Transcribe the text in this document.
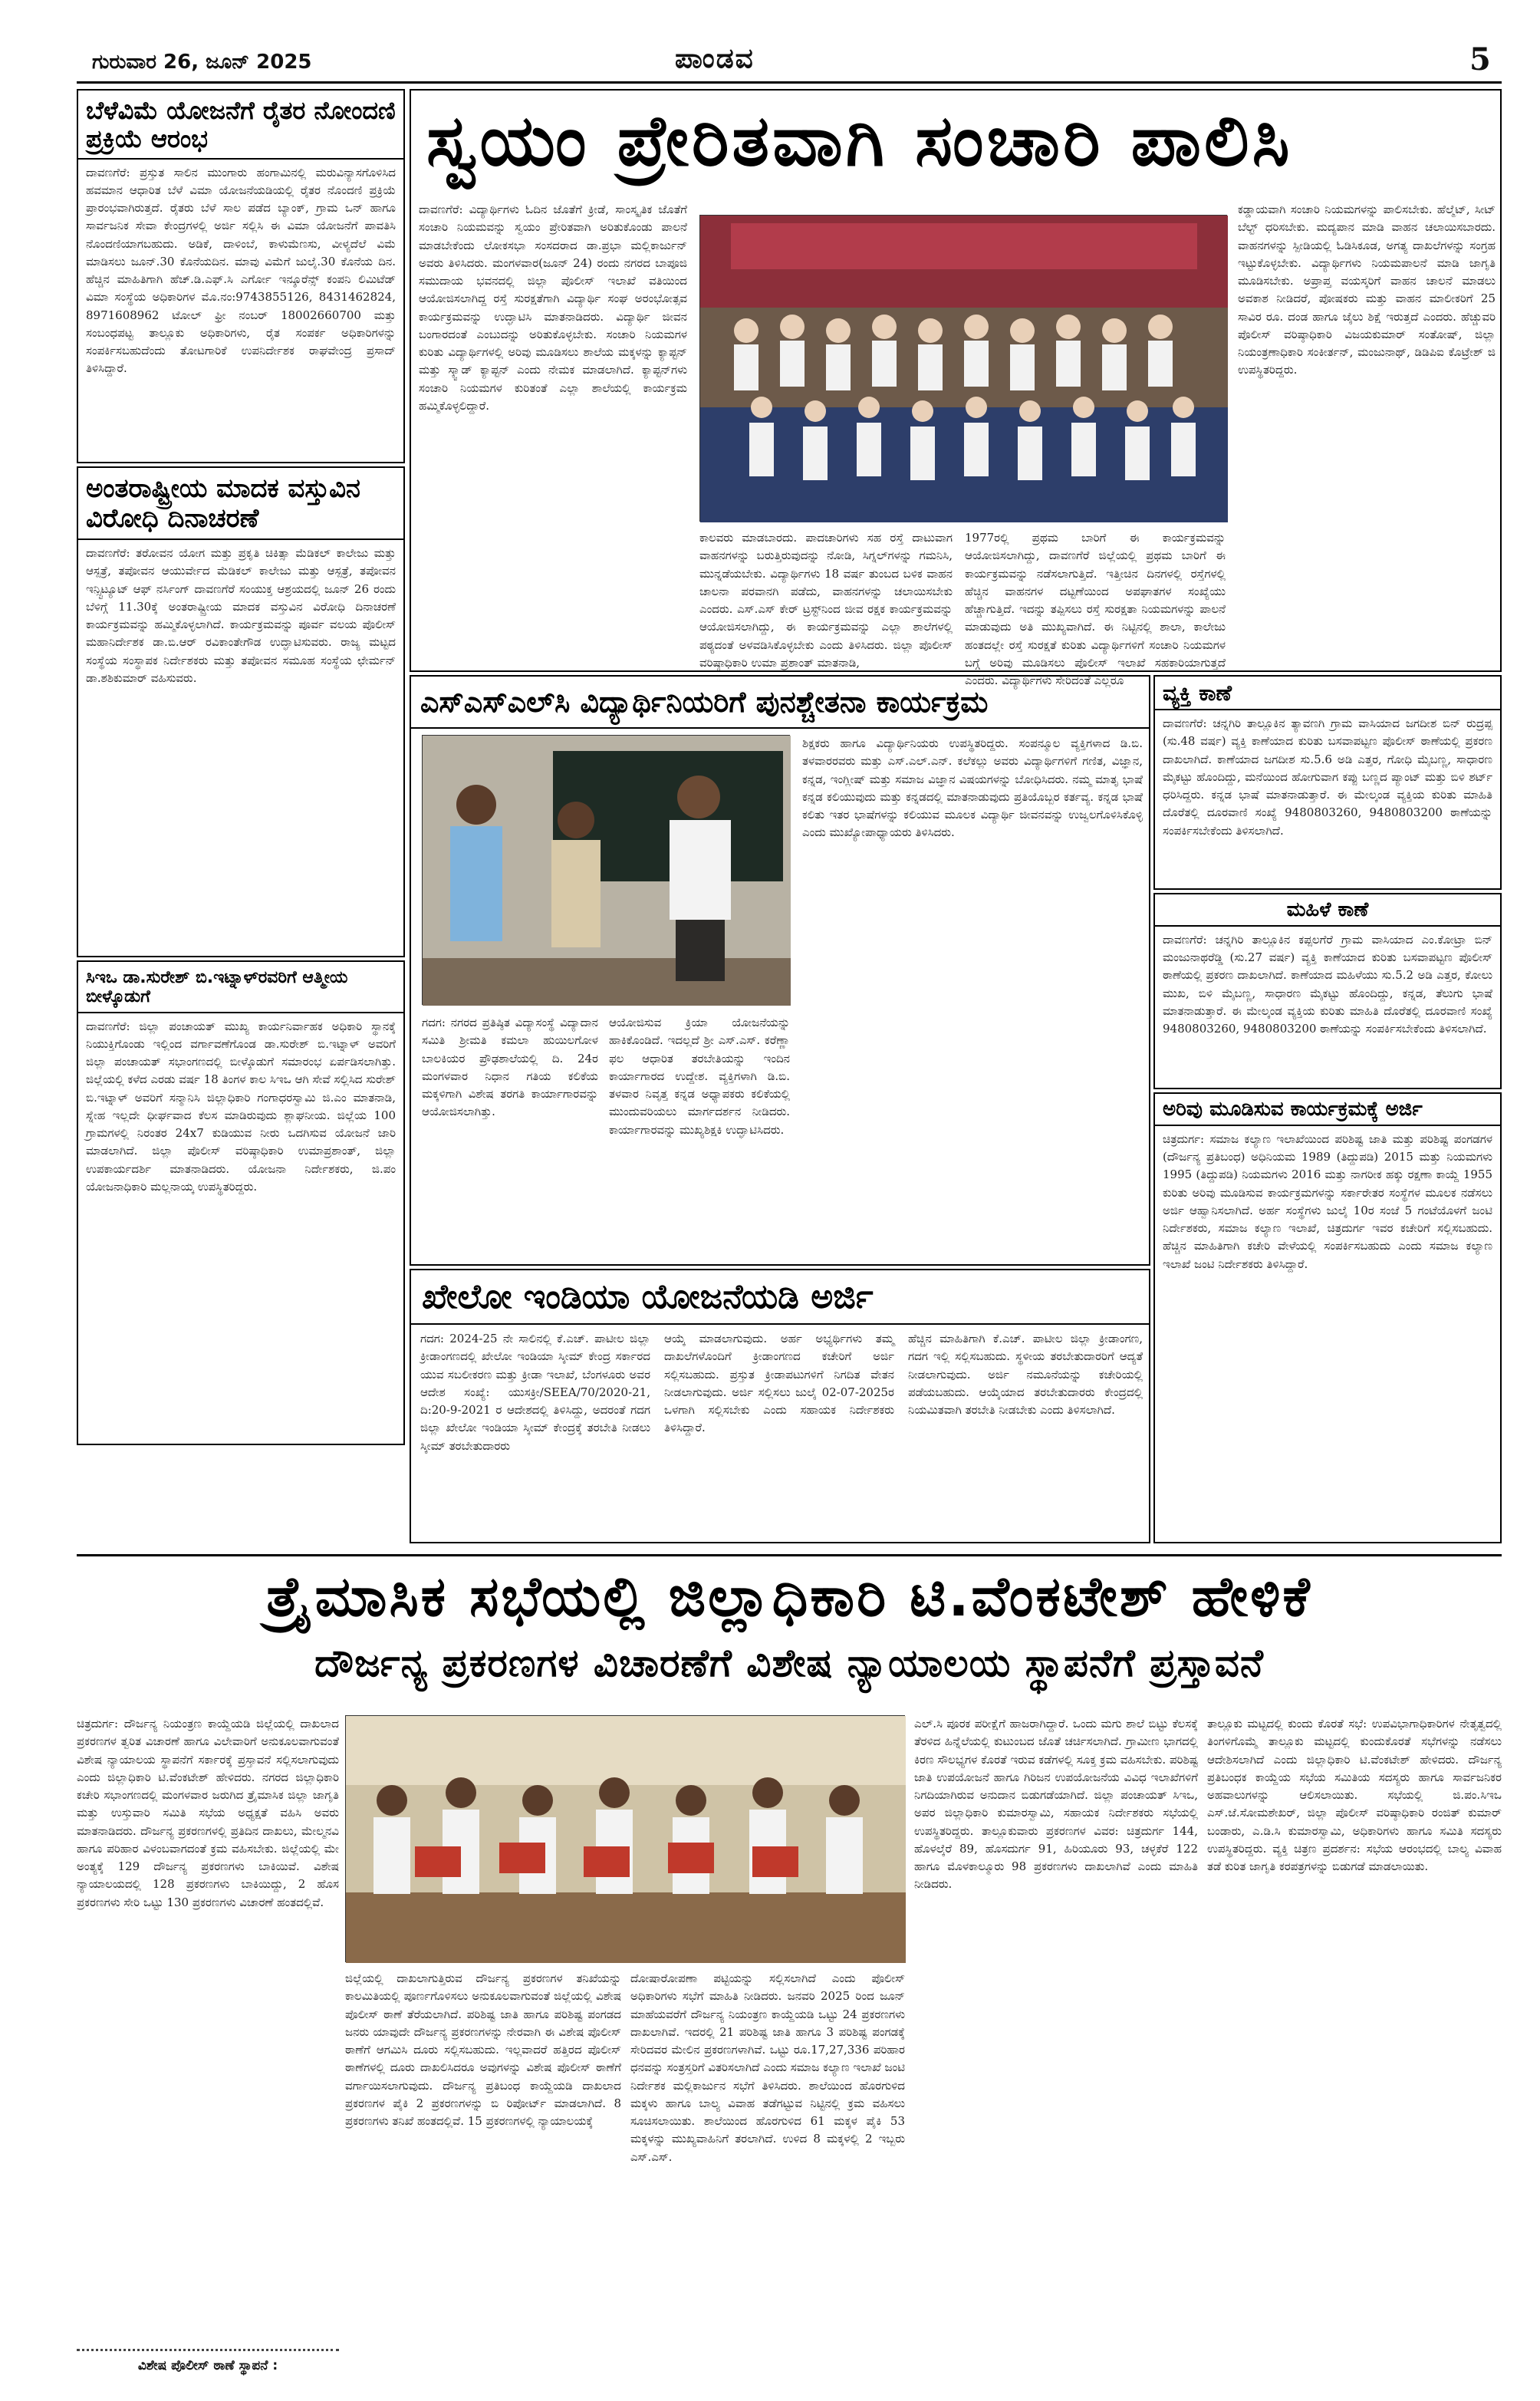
ಗುರುವಾರ 26, ಜೂನ್ 2025	ಪಾಂಡವ	5
ಬೆಳೆವಿಮೆ ಯೋಜನೆಗೆ ರೈತರ ನೋಂದಣಿ ಪ್ರಕ್ರಿಯೆ ಆರಂಭ
ದಾವಣಗೆರೆ: ಪ್ರಸ್ತುತ ಸಾಲಿನ ಮುಂಗಾರು ಹಂಗಾಮಿನಲ್ಲಿ ಮರುವಿನ್ಯಾಸಗೊಳಿಸಿದ ಹವಮಾನ ಆಧಾರಿತ ಬೆಳೆ ವಿಮಾ ಯೋಜನೆಯಡಿಯಲ್ಲಿ ರೈತರ ನೊಂದಣಿ ಪ್ರಕ್ರಿಯೆ ಪ್ರಾರಂಭವಾಗಿರುತ್ತದೆ. ರೈತರು ಬೆಳೆ ಸಾಲ ಪಡೆದ ಬ್ಯಾಂಕ್, ಗ್ರಾಮ ಒನ್ ಹಾಗೂ ಸಾರ್ವಜನಿಕ ಸೇವಾ ಕೇಂದ್ರಗಳಲ್ಲಿ ಅರ್ಜಿ ಸಲ್ಲಿಸಿ ಈ ವಿಮಾ ಯೋಜನೆಗೆ ಪಾವತಿಸಿ ನೊಂದಣಿಯಾಗಬಹುದು. ಅಡಿಕೆ, ದಾಳಿಂಬೆ, ಕಾಳುಮೆಣಸು, ವೀಳ್ಯದೆಲೆ ವಿಮೆ ಮಾಡಿಸಲು ಜೂನ್.30 ಕೊನೆಯದಿನ. ಮಾವು ವಿಮೆಗೆ ಜುಲೈ.30 ಕೊನೆಯ ದಿನ. ಹೆಚ್ಚಿನ ಮಾಹಿತಿಗಾಗಿ ಹೆಚ್.ಡಿ.ಎಫ್.ಸಿ ಎರ್ಗೋ ಇನ್ಶೂರೆನ್ಸ್ ಕಂಪನಿ ಲಿಮಿಟೆಡ್ ವಿಮಾ ಸಂಸ್ಥೆಯ ಅಧಿಕಾರಿಗಳ ಮೊ.ನಂ:9743855126, 8431462824, 8971608962 ಟೋಲ್ ಫ್ರೀ ನಂಬರ್ 18002660700 ಮತ್ತು ಸಂಬಂಧಪಟ್ಟ ತಾಲ್ಲೂಕು ಅಧಿಕಾರಿಗಳು, ರೈತ ಸಂಪರ್ಕ ಅಧಿಕಾರಿಗಳನ್ನು ಸಂಪರ್ಕಿಸಬಹುದೆಂದು ತೋಟಗಾರಿಕೆ ಉಪನಿರ್ದೇಶಕ ರಾಘವೇಂದ್ರ ಪ್ರಸಾದ್ ತಿಳಿಸಿದ್ದಾರೆ.
ಅಂತರಾಷ್ಟ್ರೀಯ ಮಾದಕ ವಸ್ತುವಿನ ವಿರೋಧಿ ದಿನಾಚರಣೆ
ದಾವಣಗೆರೆ: ತರೋವನ ಯೋಗ ಮತ್ತು ಪ್ರಕೃತಿ ಚಿಕಿತ್ಸಾ ಮೆಡಿಕಲ್ ಕಾಲೇಜು ಮತ್ತು ಆಸ್ಪತ್ರೆ, ತಪೋವನ ಆಯುರ್ವೇದ ಮೆಡಿಕಲ್ ಕಾಲೇಜು ಮತ್ತು ಆಸ್ಪತ್ರೆ, ತಪೋವನ ಇನ್ಸ್ಟಿಟ್ಯೂಟ್ ಆಫ್ ನರ್ಸಿಂಗ್ ದಾವಣಗೆರೆ ಸಂಯುಕ್ತ ಆಶ್ರಯದಲ್ಲಿ ಜೂನ್ 26 ರಂದು ಬೆಳಿಗ್ಗೆ 11.30ಕ್ಕೆ ಅಂತರಾಷ್ಟ್ರೀಯ ಮಾದಕ ವಸ್ತುವಿನ ವಿರೋಧಿ ದಿನಾಚರಣೆ ಕಾರ್ಯಕ್ರಮವನ್ನು ಹಮ್ಮಿಕೊಳ್ಳಲಾಗಿದೆ. ಕಾರ್ಯಕ್ರಮವನ್ನು ಪೂರ್ವ ವಲಯ ಪೊಲೀಸ್ ಮಹಾನಿರ್ದೇಶಕ ಡಾ.ಬಿ.ಆರ್ ರವಿಕಾಂತೇಗೌಡ ಉದ್ಘಾಟಿಸುವರು. ರಾಜ್ಯ ಮಟ್ಟದ ಸಂಸ್ಥೆಯ ಸಂಸ್ಥಾಪಕ ನಿರ್ದೇಶಕರು ಮತ್ತು ತಪೋವನ ಸಮೂಹ ಸಂಸ್ಥೆಯ ಛೇರ್ಮನ್ ಡಾ.ಶಶಿಕುಮಾರ್ ವಹಿಸುವರು.
ಸಿಇಒ ಡಾ.ಸುರೇಶ್ ಬಿ.ಇಟ್ನಾಳ್‌ರವರಿಗೆ ಆತ್ಮೀಯ ಬೀಳ್ಕೊಡುಗೆ
ದಾವಣಗೆರೆ: ಜಿಲ್ಲಾ ಪಂಚಾಯತ್ ಮುಖ್ಯ ಕಾರ್ಯನಿರ್ವಾಹಕ ಅಧಿಕಾರಿ ಸ್ಥಾನಕ್ಕೆ ನಿಯುಕ್ತಿಗೊಂಡು ಇಲ್ಲಿಂದ ವರ್ಗಾವಣೆಗೊಂಡ ಡಾ.ಸುರೇಶ್ ಬಿ.ಇಟ್ನಾಳ್ ಅವರಿಗೆ ಜಿಲ್ಲಾ ಪಂಚಾಯತ್ ಸಭಾಂಗಣದಲ್ಲಿ ಬೀಳ್ಕೊಡುಗೆ ಸಮಾರಂಭ ಏರ್ಪಡಿಸಲಾಗಿತ್ತು. ಜಿಲ್ಲೆಯಲ್ಲಿ ಕಳೆದ ಎರಡು ವರ್ಷ 18 ತಿಂಗಳ ಕಾಲ ಸಿಇಒ ಆಗಿ ಸೇವೆ ಸಲ್ಲಿಸಿದ ಸುರೇಶ್ ಬಿ.ಇಟ್ನಾಳ್ ಅವರಿಗೆ ಸನ್ಮಾನಿಸಿ ಜಿಲ್ಲಾಧಿಕಾರಿ ಗಂಗಾಧರಸ್ವಾಮಿ ಜಿ.ಎಂ ಮಾತನಾಡಿ, ಸ್ನೇಹ ಇಲ್ಲದೇ ಧೀರ್ಘವಾದ ಕೆಲಸ ಮಾಡಿರುವುದು ಶ್ಲಾಘನೀಯ. ಜಿಲ್ಲೆಯ 100 ಗ್ರಾಮಗಳಲ್ಲಿ ನಿರಂತರ 24x7 ಕುಡಿಯುವ ನೀರು ಒದಗಿಸುವ ಯೋಜನೆ ಜಾರಿ ಮಾಡಲಾಗಿದೆ. ಜಿಲ್ಲಾ ಪೊಲೀಸ್ ವರಿಷ್ಠಾಧಿಕಾರಿ ಉಮಾಪ್ರಶಾಂತ್, ಜಿಲ್ಲಾ ಉಪಕಾರ್ಯದರ್ಶಿ ಮಾತನಾಡಿದರು. ಯೋಜನಾ ನಿರ್ದೇಶಕರು, ಜಿ.ಪಂ ಯೋಜನಾಧಿಕಾರಿ ಮಲ್ಲನಾಯ್ಕ ಉಪಸ್ಥಿತರಿದ್ದರು.
ಸ್ವಯಂ ಪ್ರೇರಿತವಾಗಿ ಸಂಚಾರಿ ಪಾಲಿಸಿ
ದಾವಣಗೆರೆ: ವಿದ್ಯಾರ್ಥಿಗಳು ಓದಿನ ಜೊತೆಗೆ ಕ್ರೀಡೆ, ಸಾಂಸ್ಕೃತಿಕ ಜೊತೆಗೆ ಸಂಚಾರಿ ನಿಯಮವನ್ನು ಸ್ವಯಂ ಪ್ರೇರಿತವಾಗಿ ಅರಿತುಕೊಂಡು ಪಾಲನೆ ಮಾಡಬೇಕೆಂದು ಲೋಕಸಭಾ ಸಂಸದರಾದ ಡಾ.ಪ್ರಭಾ ಮಲ್ಲಿಕಾರ್ಜುನ್ ಅವರು ತಿಳಿಸಿದರು. ಮಂಗಳವಾರ(ಜೂನ್ 24) ರಂದು ನಗರದ ಬಾಪೂಜಿ ಸಮುದಾಯ ಭವನದಲ್ಲಿ ಜಿಲ್ಲಾ ಪೊಲೀಸ್ ಇಲಾಖೆ ವತಿಯಿಂದ ಆಯೋಜಿಸಲಾಗಿದ್ದ ರಸ್ತೆ ಸುರಕ್ಷತೆಗಾಗಿ ವಿದ್ಯಾರ್ಥಿ ಸಂಘ ಅರಂಭೋತ್ಸವ ಕಾರ್ಯಕ್ರಮವನ್ನು ಉದ್ಘಾಟಿಸಿ ಮಾತನಾಡಿದರು. ವಿದ್ಯಾರ್ಥಿ ಜೀವನ ಬಂಗಾರದಂತೆ ಎಂಬುದನ್ನು ಅರಿತುಕೊಳ್ಳಬೇಕು. ಸಂಚಾರಿ ನಿಯಮಗಳ ಕುರಿತು ವಿದ್ಯಾರ್ಥಿಗಳಲ್ಲಿ ಅರಿವು ಮೂಡಿಸಲು ಶಾಲೆಯ ಮಕ್ಕಳನ್ನು ಕ್ಯಾಪ್ಟನ್ ಮತ್ತು ಸ್ಕ್ವಾಡ್ ಕ್ಯಾಪ್ಟನ್ ಎಂದು ನೇಮಕ ಮಾಡಲಾಗಿದೆ. ಕ್ಯಾಪ್ಟನ್‌ಗಳು ಸಂಚಾರಿ ನಿಯಮಗಳ ಕುರಿತಂತೆ ಎಲ್ಲಾ ಶಾಲೆಯಲ್ಲಿ ಕಾರ್ಯಕ್ರಮ ಹಮ್ಮಿಕೊಳ್ಳಲಿದ್ದಾರೆ.
ಕಾಲವರು ಮಾಡಬಾರದು. ಪಾದಚಾರಿಗಳು ಸಹ ರಸ್ತೆ ದಾಟುವಾಗ ವಾಹನಗಳನ್ನು ಬರುತ್ತಿರುವುದನ್ನು ನೋಡಿ, ಸಿಗ್ನಲ್‌ಗಳನ್ನು ಗಮನಿಸಿ, ಮುನ್ನಡೆಯಬೇಕು. ವಿದ್ಯಾರ್ಥಿಗಳು 18 ವರ್ಷ ತುಂಬದ ಬಳಿಕ ವಾಹನ ಚಾಲನಾ ಪರವಾನಗಿ ಪಡೆದು, ವಾಹನಗಳನ್ನು ಚಲಾಯಿಸಬೇಕು ಎಂದರು. ಎಸ್.ಎಸ್ ಕೇರ್ ಟ್ರಸ್ಟ್‌ನಿಂದ ಜೀವ ರಕ್ಷಕ ಕಾರ್ಯಕ್ರಮವನ್ನು ಆಯೋಜಿಸಲಾಗಿದ್ದು, ಈ ಕಾರ್ಯಕ್ರಮವನ್ನು ಎಲ್ಲಾ ಶಾಲೆಗಳಲ್ಲಿ ಪಠ್ಯದಂತೆ ಅಳವಡಿಸಿಕೊಳ್ಳಬೇಕು ಎಂದು ತಿಳಿಸಿದರು. ಜಿಲ್ಲಾ ಪೊಲೀಸ್ ವರಿಷ್ಠಾಧಿಕಾರಿ ಉಮಾ ಪ್ರಶಾಂತ್ ಮಾತನಾಡಿ,
1977ರಲ್ಲಿ ಪ್ರಥಮ ಬಾರಿಗೆ ಈ ಕಾರ್ಯಕ್ರಮವನ್ನು ಆಯೋಜಿಸಲಾಗಿದ್ದು, ದಾವಣಗೆರೆ ಜಿಲ್ಲೆಯಲ್ಲಿ ಪ್ರಥಮ ಬಾರಿಗೆ ಈ ಕಾರ್ಯಕ್ರಮವನ್ನು ನಡೆಸಲಾಗುತ್ತಿದೆ. ಇತ್ತೀಚಿನ ದಿನಗಳಲ್ಲಿ ರಸ್ತೆಗಳಲ್ಲಿ ಹೆಚ್ಚಿನ ವಾಹನಗಳ ದಟ್ಟಣೆಯಿಂದ ಅಪಘಾತಗಳ ಸಂಖ್ಯೆಯು ಹೆಚ್ಚಾಗುತ್ತಿದೆ. ಇದನ್ನು ತಪ್ಪಿಸಲು ರಸ್ತೆ ಸುರಕ್ಷತಾ ನಿಯಮಗಳನ್ನು ಪಾಲನೆ ಮಾಡುವುದು ಅತಿ ಮುಖ್ಯವಾಗಿದೆ. ಈ ನಿಟ್ಟಿನಲ್ಲಿ ಶಾಲಾ, ಕಾಲೇಜು ಹಂತದಲ್ಲೇ ರಸ್ತೆ ಸುರಕ್ಷತೆ ಕುರಿತು ವಿದ್ಯಾರ್ಥಿಗಳಿಗೆ ಸಂಚಾರಿ ನಿಯಮಗಳ ಬಗ್ಗೆ ಅರಿವು ಮೂಡಿಸಲು ಪೊಲೀಸ್ ಇಲಾಖೆ ಸಹಕಾರಿಯಾಗುತ್ತದೆ ಎಂದರು. ವಿದ್ಯಾರ್ಥಿಗಳು ಸೇರಿದಂತೆ ಎಲ್ಲರೂ
ಕಡ್ಡಾಯವಾಗಿ ಸಂಚಾರಿ ನಿಯಮಗಳನ್ನು ಪಾಲಿಸಬೇಕು. ಹೆಲ್ಮೆಟ್, ಸೀಟ್ ಬೆಲ್ಟ್ ಧರಿಸಬೇಕು. ಮದ್ಯಪಾನ ಮಾಡಿ ವಾಹನ ಚಲಾಯಿಸಬಾರದು. ವಾಹನಗಳನ್ನು ಸ್ಪೀಡಿಯಲ್ಲಿ ಓಡಿಸಿಕೂಡ, ಅಗತ್ಯ ದಾಖಲೆಗಳನ್ನು ಸಂಗ್ರಹ ಇಟ್ಟುಕೊಳ್ಳಬೇಕು. ವಿದ್ಯಾರ್ಥಿಗಳು ನಿಯಮಪಾಲನೆ ಮಾಡಿ ಜಾಗೃತಿ ಮೂಡಿಸಬೇಕು. ಅಪ್ರಾಪ್ತ ವಯಸ್ಕರಿಗೆ ವಾಹನ ಚಾಲನೆ ಮಾಡಲು ಅವಕಾಶ ನೀಡಿದರೆ, ಪೋಷಕರು ಮತ್ತು ವಾಹನ ಮಾಲೀಕರಿಗೆ 25 ಸಾವಿರ ರೂ. ದಂಡ ಹಾಗೂ ಜೈಲು ಶಿಕ್ಷೆ ಇರುತ್ತದೆ ಎಂದರು. ಹೆಚ್ಚುವರಿ ಪೊಲೀಸ್ ವರಿಷ್ಠಾಧಿಕಾರಿ ವಿಜಯಕುಮಾರ್ ಸಂತೋಷ್, ಜಿಲ್ಲಾ ನಿಯಂತ್ರಣಾಧಿಕಾರಿ ಸಂಕೀರ್ತನ್, ಮಂಜುನಾಥ್, ಡಿಡಿಪಿಐ ಕೊಟ್ರೇಶ್ ಜಿ ಉಪಸ್ಥಿತರಿದ್ದರು.
ಎಸ್‌ಎಸ್‌ಎಲ್‌ಸಿ ವಿದ್ಯಾರ್ಥಿನಿಯರಿಗೆ ಪುನಶ್ಚೇತನಾ ಕಾರ್ಯಕ್ರಮ
ಗದಗ: ನಗರದ ಪ್ರತಿಷ್ಠಿತ ವಿದ್ಯಾಸಂಸ್ಥೆ ವಿದ್ಯಾದಾನ ಸಮಿತಿ ಶ್ರೀಮತಿ ಕಮಲಾ ಹುಯಿಲಗೋಳ ಬಾಲಕಿಯರ ಪ್ರೌಢಶಾಲೆಯಲ್ಲಿ ದಿ. 24ರ ಮಂಗಳವಾರ ನಿಧಾನ ಗತಿಯ ಕಲಿಕೆಯ ಮಕ್ಕಳಿಗಾಗಿ ವಿಶೇಷ ತರಗತಿ ಕಾರ್ಯಾಗಾರವನ್ನು ಆಯೋಜಿಸಲಾಗಿತ್ತು.
ಆಯೋಜಿಸುವ ಕ್ರಿಯಾ ಯೋಜನೆಯನ್ನು ಹಾಕಿಕೊಂಡಿದೆ. ಇದಲ್ಲದೆ ಶ್ರೀ ಎಸ್.ಎಸ್. ಕರೆಣ್ಣಾ ಫಲ ಆಧಾರಿತ ತರಬೇತಿಯನ್ನು ಇಂದಿನ ಕಾರ್ಯಾಗಾರದ ಉದ್ದೇಶ. ವ್ಯಕ್ತಿಗಳಾಗಿ ಡಿ.ಬಿ. ತಳವಾರ ನಿವೃತ್ತ ಕನ್ನಡ ಅಧ್ಯಾಪಕರು ಕಲಿಕೆಯಲ್ಲಿ ಮುಂದುವರಿಯಲು ಮಾರ್ಗದರ್ಶನ ನೀಡಿದರು. ಕಾರ್ಯಾಗಾರವನ್ನು ಮುಖ್ಯಶಿಕ್ಷಕಿ ಉದ್ಘಾಟಿಸಿದರು.
ಶಿಕ್ಷಕರು ಹಾಗೂ ವಿದ್ಯಾರ್ಥಿನಿಯರು ಉಪಸ್ಥಿತರಿದ್ದರು. ಸಂಪನ್ಮೂಲ ವ್ಯಕ್ತಿಗಳಾದ ಡಿ.ಬಿ. ತಳವಾರರವರು ಮತ್ತು ಎಸ್.ಎಲ್.ಎನ್. ಕಲೆಕಲ್ಲು ಅವರು ವಿದ್ಯಾರ್ಥಿಗಳಿಗೆ ಗಣಿತ, ವಿಜ್ಞಾನ, ಕನ್ನಡ, ಇಂಗ್ಲೀಷ್ ಮತ್ತು ಸಮಾಜ ವಿಜ್ಞಾನ ವಿಷಯಗಳನ್ನು ಬೋಧಿಸಿದರು. ನಮ್ಮ ಮಾತೃ ಭಾಷೆ ಕನ್ನಡ ಕಲಿಯುವುದು ಮತ್ತು ಕನ್ನಡದಲ್ಲಿ ಮಾತನಾಡುವುದು ಪ್ರತಿಯೊಬ್ಬರ ಕರ್ತವ್ಯ. ಕನ್ನಡ ಭಾಷೆ ಕಲಿತು ಇತರ ಭಾಷೆಗಳನ್ನು ಕಲಿಯುವ ಮೂಲಕ ವಿದ್ಯಾರ್ಥಿ ಜೀವನವನ್ನು ಉಜ್ವಲಗೊಳಿಸಿಕೊಳ್ಳಿ ಎಂದು ಮುಖ್ಯೋಪಾಧ್ಯಾಯರು ತಿಳಿಸಿದರು.
ವ್ಯಕ್ತಿ ಕಾಣೆ
ದಾವಣಗೆರೆ: ಚನ್ನಗಿರಿ ತಾಲ್ಲೂಕಿನ ತ್ಯಾವಣಗಿ ಗ್ರಾಮ ವಾಸಿಯಾದ ಜಗದೀಶ ಬಿನ್ ರುದ್ರಪ್ಪ (ಸು.48 ವರ್ಷ) ವ್ಯಕ್ತಿ ಕಾಣೆಯಾದ ಕುರಿತು ಬಸವಾಪಟ್ಟಣ ಪೊಲೀಸ್ ಠಾಣೆಯಲ್ಲಿ ಪ್ರಕರಣ ದಾಖಲಾಗಿದೆ. ಕಾಣೆಯಾದ ಜಗದೀಶ ಸು.5.6 ಅಡಿ ಎತ್ತರ, ಗೋಧಿ ಮೈಬಣ್ಣ, ಸಾಧಾರಣ ಮೈಕಟ್ಟು ಹೊಂದಿದ್ದು, ಮನೆಯಿಂದ ಹೋಗುವಾಗ ಕಪ್ಪು ಬಣ್ಣದ ಪ್ಯಾಂಟ್ ಮತ್ತು ಬಿಳಿ ಶರ್ಟ್ ಧರಿಸಿದ್ದರು. ಕನ್ನಡ ಭಾಷೆ ಮಾತನಾಡುತ್ತಾರೆ. ಈ ಮೇಲ್ಕಂಡ ವ್ಯಕ್ತಿಯ ಕುರಿತು ಮಾಹಿತಿ ದೊರೆತಲ್ಲಿ ದೂರವಾಣಿ ಸಂಖ್ಯೆ 9480803260, 9480803200 ಠಾಣೆಯನ್ನು ಸಂಪರ್ಕಿಸಬೇಕೆಂದು ತಿಳಿಸಲಾಗಿದೆ.
ಮಹಿಳೆ ಕಾಣೆ
ದಾವಣಗೆರೆ: ಚನ್ನಗಿರಿ ತಾಲ್ಲೂಕಿನ ಕಪ್ಪಲಗೆರೆ ಗ್ರಾಮ ವಾಸಿಯಾದ ಎಂ.ಕೋಟ್ರಾ ಬಿನ್ ಮಂಜುನಾಥರೆಡ್ಡಿ (ಸು.27 ವರ್ಷ) ವ್ಯಕ್ತಿ ಕಾಣೆಯಾದ ಕುರಿತು ಬಸವಾಪಟ್ಟಣ ಪೊಲೀಸ್ ಠಾಣೆಯಲ್ಲಿ ಪ್ರಕರಣ ದಾಖಲಾಗಿದೆ. ಕಾಣೆಯಾದ ಮಹಿಳೆಯು ಸು.5.2 ಅಡಿ ಎತ್ತರ, ಕೋಲು ಮುಖ, ಬಿಳಿ ಮೈಬಣ್ಣ, ಸಾಧಾರಣ ಮೈಕಟ್ಟು ಹೊಂದಿದ್ದು, ಕನ್ನಡ, ತೆಲುಗು ಭಾಷೆ ಮಾತನಾಡುತ್ತಾರೆ. ಈ ಮೇಲ್ಕಂಡ ವ್ಯಕ್ತಿಯ ಕುರಿತು ಮಾಹಿತಿ ದೊರೆತಲ್ಲಿ ದೂರವಾಣಿ ಸಂಖ್ಯೆ 9480803260, 9480803200 ಠಾಣೆಯನ್ನು ಸಂಪರ್ಕಿಸಬೇಕೆಂದು ತಿಳಿಸಲಾಗಿದೆ.
ಅರಿವು ಮೂಡಿಸುವ ಕಾರ್ಯಕ್ರಮಕ್ಕೆ ಅರ್ಜಿ
ಚಿತ್ರದುರ್ಗ: ಸಮಾಜ ಕಲ್ಯಾಣ ಇಲಾಖೆಯಿಂದ ಪರಿಶಿಷ್ಟ ಜಾತಿ ಮತ್ತು ಪರಿಶಿಷ್ಟ ಪಂಗಡಗಳ (ದೌರ್ಜನ್ಯ ಪ್ರತಿಬಂಧ) ಅಧಿನಿಯಮ 1989 (ತಿದ್ದುಪಡಿ) 2015 ಮತ್ತು ನಿಯಮಗಳು 1995 (ತಿದ್ದುಪಡಿ) ನಿಯಮಗಳು 2016 ಮತ್ತು ನಾಗರೀಕ ಹಕ್ಕು ರಕ್ಷಣಾ ಕಾಯ್ದೆ 1955 ಕುರಿತು ಅರಿವು ಮೂಡಿಸುವ ಕಾರ್ಯಕ್ರಮಗಳನ್ನು ಸರ್ಕಾರೇತರ ಸಂಸ್ಥೆಗಳ ಮೂಲಕ ನಡೆಸಲು ಅರ್ಜಿ ಆಹ್ವಾನಿಸಲಾಗಿದೆ. ಅರ್ಹ ಸಂಸ್ಥೆಗಳು ಜುಲೈ 10ರ ಸಂಜೆ 5 ಗಂಟೆಯೊಳಗೆ ಜಂಟಿ ನಿರ್ದೇಶಕರು, ಸಮಾಜ ಕಲ್ಯಾಣ ಇಲಾಖೆ, ಚಿತ್ರದುರ್ಗ ಇವರ ಕಚೇರಿಗೆ ಸಲ್ಲಿಸಬಹುದು. ಹೆಚ್ಚಿನ ಮಾಹಿತಿಗಾಗಿ ಕಚೇರಿ ವೇಳೆಯಲ್ಲಿ ಸಂಪರ್ಕಿಸಬಹುದು ಎಂದು ಸಮಾಜ ಕಲ್ಯಾಣ ಇಲಾಖೆ ಜಂಟಿ ನಿರ್ದೇಶಕರು ತಿಳಿಸಿದ್ದಾರೆ.
ಖೇಲೋ ಇಂಡಿಯಾ ಯೋಜನೆಯಡಿ ಅರ್ಜಿ
ಗದಗ: 2024-25 ನೇ ಸಾಲಿನಲ್ಲಿ ಕೆ.ಎಚ್. ಪಾಟೀಲ ಜಿಲ್ಲಾ ಕ್ರೀಡಾಂಗಣದಲ್ಲಿ ಖೇಲೋ ಇಂಡಿಯಾ ಸ್ಕೀಮ್ ಕೇಂದ್ರ ಸರ್ಕಾರದ ಯುವ ಸಬಲೀಕರಣ ಮತ್ತು ಕ್ರೀಡಾ ಇಲಾಖೆ, ಬೆಂಗಳೂರು ಅವರ ಆದೇಶ ಸಂಖ್ಯೆ: ಯುಸಕ್ರೀ/SEEA/70/2020-21, ದಿ:20-9-2021 ರ ಆದೇಶದಲ್ಲಿ ತಿಳಿಸಿದ್ದು, ಅದರಂತೆ ಗದಗ ಜಿಲ್ಲಾ ಖೇಲೋ ಇಂಡಿಯಾ ಸ್ಕೀಮ್ ಕೇಂದ್ರಕ್ಕೆ ತರಬೇತಿ ನೀಡಲು ಸ್ಕೀಮ್ ತರಬೇತುದಾರರು
ಆಯ್ಕೆ ಮಾಡಲಾಗುವುದು. ಅರ್ಹ ಅಭ್ಯರ್ಥಿಗಳು ತಮ್ಮ ದಾಖಲೆಗಳೊಂದಿಗೆ ಕ್ರೀಡಾಂಗಣದ ಕಚೇರಿಗೆ ಅರ್ಜಿ ಸಲ್ಲಿಸಬಹುದು. ಪ್ರಸ್ತುತ ಕ್ರೀಡಾಪಟುಗಳಿಗೆ ನಿಗದಿತ ವೇತನ ನೀಡಲಾಗುವುದು. ಅರ್ಜಿ ಸಲ್ಲಿಸಲು ಜುಲೈ 02-07-2025ರ ಒಳಗಾಗಿ ಸಲ್ಲಿಸಬೇಕು ಎಂದು ಸಹಾಯಕ ನಿರ್ದೇಶಕರು ತಿಳಿಸಿದ್ದಾರೆ.
ಹೆಚ್ಚಿನ ಮಾಹಿತಿಗಾಗಿ ಕೆ.ಎಚ್. ಪಾಟೀಲ ಜಿಲ್ಲಾ ಕ್ರೀಡಾಂಗಣ, ಗದಗ ಇಲ್ಲಿ ಸಲ್ಲಿಸಬಹುದು. ಸ್ಥಳೀಯ ತರಬೇತುದಾರರಿಗೆ ಆದ್ಯತೆ ನೀಡಲಾಗುವುದು. ಅರ್ಜಿ ನಮೂನೆಯನ್ನು ಕಚೇರಿಯಲ್ಲಿ ಪಡೆಯಬಹುದು. ಆಯ್ಕೆಯಾದ ತರಬೇತುದಾರರು ಕೇಂದ್ರದಲ್ಲಿ ನಿಯಮಿತವಾಗಿ ತರಬೇತಿ ನೀಡಬೇಕು ಎಂದು ತಿಳಿಸಲಾಗಿದೆ.
ತ್ರೈಮಾಸಿಕ ಸಭೆಯಲ್ಲಿ ಜಿಲ್ಲಾಧಿಕಾರಿ ಟಿ.ವೆಂಕಟೇಶ್ ಹೇಳಿಕೆ
ದೌರ್ಜನ್ಯ ಪ್ರಕರಣಗಳ ವಿಚಾರಣೆಗೆ ವಿಶೇಷ ನ್ಯಾಯಾಲಯ ಸ್ಥಾಪನೆಗೆ ಪ್ರಸ್ತಾವನೆ
ಚಿತ್ರದುರ್ಗ: ದೌರ್ಜನ್ಯ ನಿಯಂತ್ರಣ ಕಾಯ್ದೆಯಡಿ ಜಿಲ್ಲೆಯಲ್ಲಿ ದಾಖಲಾದ ಪ್ರಕರಣಗಳ ತ್ವರಿತ ವಿಚಾರಣೆ ಹಾಗೂ ವಿಲೇವಾರಿಗೆ ಅನುಕೂಲವಾಗುವಂತೆ ವಿಶೇಷ ನ್ಯಾಯಾಲಯ ಸ್ಥಾಪನೆಗೆ ಸರ್ಕಾರಕ್ಕೆ ಪ್ರಸ್ತಾವನೆ ಸಲ್ಲಿಸಲಾಗುವುದು ಎಂದು ಜಿಲ್ಲಾಧಿಕಾರಿ ಟಿ.ವೆಂಕಟೇಶ್ ಹೇಳಿದರು. ನಗರದ ಜಿಲ್ಲಾಧಿಕಾರಿ ಕಚೇರಿ ಸಭಾಂಗಣದಲ್ಲಿ ಮಂಗಳವಾರ ಜರುಗಿದ ತ್ರೈಮಾಸಿಕ ಜಿಲ್ಲಾ ಜಾಗೃತಿ ಮತ್ತು ಉಸ್ತುವಾರಿ ಸಮಿತಿ ಸಭೆಯ ಅಧ್ಯಕ್ಷತೆ ವಹಿಸಿ ಅವರು ಮಾತನಾಡಿದರು. ದೌರ್ಜನ್ಯ ಪ್ರಕರಣಗಳಲ್ಲಿ ಪ್ರತಿದಿನ ದಾಖಲು, ಮೇಲ್ಮನವಿ ಹಾಗೂ ಪರಿಹಾರ ವಿಳಂಬವಾಗದಂತೆ ಕ್ರಮ ವಹಿಸಬೇಕು. ಜಿಲ್ಲೆಯಲ್ಲಿ ಮೇ ಅಂತ್ಯಕ್ಕೆ 129 ದೌರ್ಜನ್ಯ ಪ್ರಕರಣಗಳು ಬಾಕಿಯಿವೆ. ವಿಶೇಷ ನ್ಯಾಯಾಲಯದಲ್ಲಿ 128 ಪ್ರಕರಣಗಳು ಬಾಕಿಯಿದ್ದು, 2 ಹೊಸ ಪ್ರಕರಣಗಳು ಸೇರಿ ಒಟ್ಟು 130 ಪ್ರಕರಣಗಳು ವಿಚಾರಣೆ ಹಂತದಲ್ಲಿವೆ.
ವಿಶೇಷ ಪೊಲೀಸ್ ಠಾಣೆ ಸ್ಥಾಪನೆ :
ಜಿಲ್ಲೆಯಲ್ಲಿ ದಾಖಲಾಗುತ್ತಿರುವ ದೌರ್ಜನ್ಯ ಪ್ರಕರಣಗಳ ತನಿಖೆಯನ್ನು ಕಾಲಮಿತಿಯಲ್ಲಿ ಪೂರ್ಣಗೊಳಿಸಲು ಅನುಕೂಲವಾಗುವಂತೆ ಜಿಲ್ಲೆಯಲ್ಲಿ ವಿಶೇಷ ಪೊಲೀಸ್ ಠಾಣೆ ತೆರೆಯಲಾಗಿದೆ. ಪರಿಶಿಷ್ಟ ಜಾತಿ ಹಾಗೂ ಪರಿಶಿಷ್ಟ ಪಂಗಡದ ಜನರು ಯಾವುದೇ ದೌರ್ಜನ್ಯ ಪ್ರಕರಣಗಳನ್ನು ನೇರವಾಗಿ ಈ ವಿಶೇಷ ಪೊಲೀಸ್ ಠಾಣೆಗೆ ಆಗಮಿಸಿ ದೂರು ಸಲ್ಲಿಸಬಹುದು. ಇಲ್ಲವಾದರೆ ಹತ್ತಿರದ ಪೊಲೀಸ್ ಠಾಣೆಗಳಲ್ಲಿ ದೂರು ದಾಖಲಿಸಿದರೂ ಅವುಗಳನ್ನು ವಿಶೇಷ ಪೊಲೀಸ್ ಠಾಣೆಗೆ ವರ್ಗಾಯಿಸಲಾಗುವುದು. ದೌರ್ಜನ್ಯ ಪ್ರತಿಬಂಧ ಕಾಯ್ದೆಯಡಿ ದಾಖಲಾದ ಪ್ರಕರಣಗಳ ಪೈಕಿ 2 ಪ್ರಕರಣಗಳನ್ನು ಬಿ ರಿಪೋರ್ಟ್ ಮಾಡಲಾಗಿದೆ. 8 ಪ್ರಕರಣಗಳು ತನಿಖೆ ಹಂತದಲ್ಲಿವೆ. 15 ಪ್ರಕರಣಗಳಲ್ಲಿ ನ್ಯಾಯಾಲಯಕ್ಕೆ
ದೋಷಾರೋಪಣಾ ಪಟ್ಟಿಯನ್ನು ಸಲ್ಲಿಸಲಾಗಿದೆ ಎಂದು ಪೊಲೀಸ್ ಅಧಿಕಾರಿಗಳು ಸಭೆಗೆ ಮಾಹಿತಿ ನೀಡಿದರು. ಜನವರಿ 2025 ರಿಂದ ಜೂನ್ ಮಾಹೆಯವರೆಗೆ ದೌರ್ಜನ್ಯ ನಿಯಂತ್ರಣ ಕಾಯ್ದೆಯಡಿ ಒಟ್ಟು 24 ಪ್ರಕರಣಗಳು ದಾಖಲಾಗಿವೆ. ಇದರಲ್ಲಿ 21 ಪರಿಶಿಷ್ಟ ಜಾತಿ ಹಾಗೂ 3 ಪರಿಶಿಷ್ಟ ಪಂಗಡಕ್ಕೆ ಸೇರಿದವರ ಮೇಲಿನ ಪ್ರಕರಣಗಳಾಗಿವೆ. ಒಟ್ಟು ರೂ.17,27,336 ಪರಿಹಾರ ಧನವನ್ನು ಸಂತ್ರಸ್ತರಿಗೆ ವಿತರಿಸಲಾಗಿದೆ ಎಂದು ಸಮಾಜ ಕಲ್ಯಾಣ ಇಲಾಖೆ ಜಂಟಿ ನಿರ್ದೇಶಕ ಮಲ್ಲಿಕಾರ್ಜುನ ಸಭೆಗೆ ತಿಳಿಸಿದರು. ಶಾಲೆಯಿಂದ ಹೊರಗುಳಿದ ಮಕ್ಕಳು ಹಾಗೂ ಬಾಲ್ಯ ವಿವಾಹ ತಡೆಗಟ್ಟುವ ನಿಟ್ಟಿನಲ್ಲಿ ಕ್ರಮ ವಹಿಸಲು ಸೂಚಿಸಲಾಯಿತು. ಶಾಲೆಯಿಂದ ಹೊರಗುಳಿದ 61 ಮಕ್ಕಳ ಪೈಕಿ 53 ಮಕ್ಕಳನ್ನು ಮುಖ್ಯವಾಹಿನಿಗೆ ತರಲಾಗಿದೆ. ಉಳಿದ 8 ಮಕ್ಕಳಲ್ಲಿ 2 ಇಬ್ಬರು ಎಸ್.ಎಸ್.
ಎಲ್.ಸಿ ಪೂರಕ ಪರೀಕ್ಷೆಗೆ ಹಾಜರಾಗಿದ್ದಾರೆ. ಒಂದು ಮಗು ಶಾಲೆ ಬಿಟ್ಟು ಕೆಲಸಕ್ಕೆ ತೆರಳಿದ ಹಿನ್ನೆಲೆಯಲ್ಲಿ ಕುಟುಂಬದ ಜೊತೆ ಚರ್ಚಿಸಲಾಗಿದೆ. ಗ್ರಾಮೀಣ ಭಾಗದಲ್ಲಿ ಕಿರಣ ಸೌಲಭ್ಯಗಳ ಕೊರತೆ ಇರುವ ಕಡೆಗಳಲ್ಲಿ ಸೂಕ್ತ ಕ್ರಮ ವಹಿಸಬೇಕು. ಪರಿಶಿಷ್ಟ ಜಾತಿ ಉಪಯೋಜನೆ ಹಾಗೂ ಗಿರಿಜನ ಉಪಯೋಜನೆಯ ವಿವಿಧ ಇಲಾಖೆಗಳಿಗೆ ನಿಗದಿಯಾಗಿರುವ ಅನುದಾನ ಬಿಡುಗಡೆಯಾಗಿದೆ. ಜಿಲ್ಲಾ ಪಂಚಾಯತ್ ಸಿಇಒ, ಅಪರ ಜಿಲ್ಲಾಧಿಕಾರಿ ಕುಮಾರಸ್ವಾಮಿ, ಸಹಾಯಕ ನಿರ್ದೇಶಕರು ಸಭೆಯಲ್ಲಿ ಉಪಸ್ಥಿತರಿದ್ದರು. ತಾಲ್ಲೂಕುವಾರು ಪ್ರಕರಣಗಳ ವಿವರ: ಚಿತ್ರದುರ್ಗ 144, ಹೊಳಲ್ಕೆರೆ 89, ಹೊಸದುರ್ಗ 91, ಹಿರಿಯೂರು 93, ಚಳ್ಳಕೆರೆ 122 ಹಾಗೂ ಮೊಳಕಾಲ್ಮೂರು 98 ಪ್ರಕರಣಗಳು ದಾಖಲಾಗಿವೆ ಎಂದು ಮಾಹಿತಿ ನೀಡಿದರು.
ತಾಲ್ಲೂಕು ಮಟ್ಟದಲ್ಲಿ ಕುಂದು ಕೊರತೆ ಸಭೆ: ಉಪವಿಭಾಗಾಧಿಕಾರಿಗಳ ನೇತೃತ್ವದಲ್ಲಿ ತಿಂಗಳಿಗೊಮ್ಮೆ ತಾಲ್ಲೂಕು ಮಟ್ಟದಲ್ಲಿ ಕುಂದುಕೊರತೆ ಸಭೆಗಳನ್ನು ನಡೆಸಲು ಆದೇಶಿಸಲಾಗಿದೆ ಎಂದು ಜಿಲ್ಲಾಧಿಕಾರಿ ಟಿ.ವೆಂಕಟೇಶ್ ಹೇಳಿದರು. ದೌರ್ಜನ್ಯ ಪ್ರತಿಬಂಧಕ ಕಾಯ್ದೆಯ ಸಭೆಯ ಸಮಿತಿಯ ಸದಸ್ಯರು ಹಾಗೂ ಸಾರ್ವಜನಿಕರ ಅಹವಾಲುಗಳನ್ನು ಆಲಿಸಲಾಯಿತು. ಸಭೆಯಲ್ಲಿ ಜಿ.ಪಂ.ಸಿಇಒ ಎಸ್.ಜೆ.ಸೋಮಶೇಖರ್, ಜಿಲ್ಲಾ ಪೊಲೀಸ್ ವರಿಷ್ಠಾಧಿಕಾರಿ ರಂಜಿತ್ ಕುಮಾರ್ ಬಂಡಾರು, ಎ.ಡಿ.ಸಿ ಕುಮಾರಸ್ವಾಮಿ, ಅಧಿಕಾರಿಗಳು ಹಾಗೂ ಸಮಿತಿ ಸದಸ್ಯರು ಉಪಸ್ಥಿತರಿದ್ದರು. ವ್ಯಕ್ತಿ ಚಿತ್ರಣ ಪ್ರದರ್ಶನ: ಸಭೆಯ ಆರಂಭದಲ್ಲಿ ಬಾಲ್ಯ ವಿವಾಹ ತಡೆ ಕುರಿತ ಜಾಗೃತಿ ಕರಪತ್ರಗಳನ್ನು ಬಿಡುಗಡೆ ಮಾಡಲಾಯಿತು.
